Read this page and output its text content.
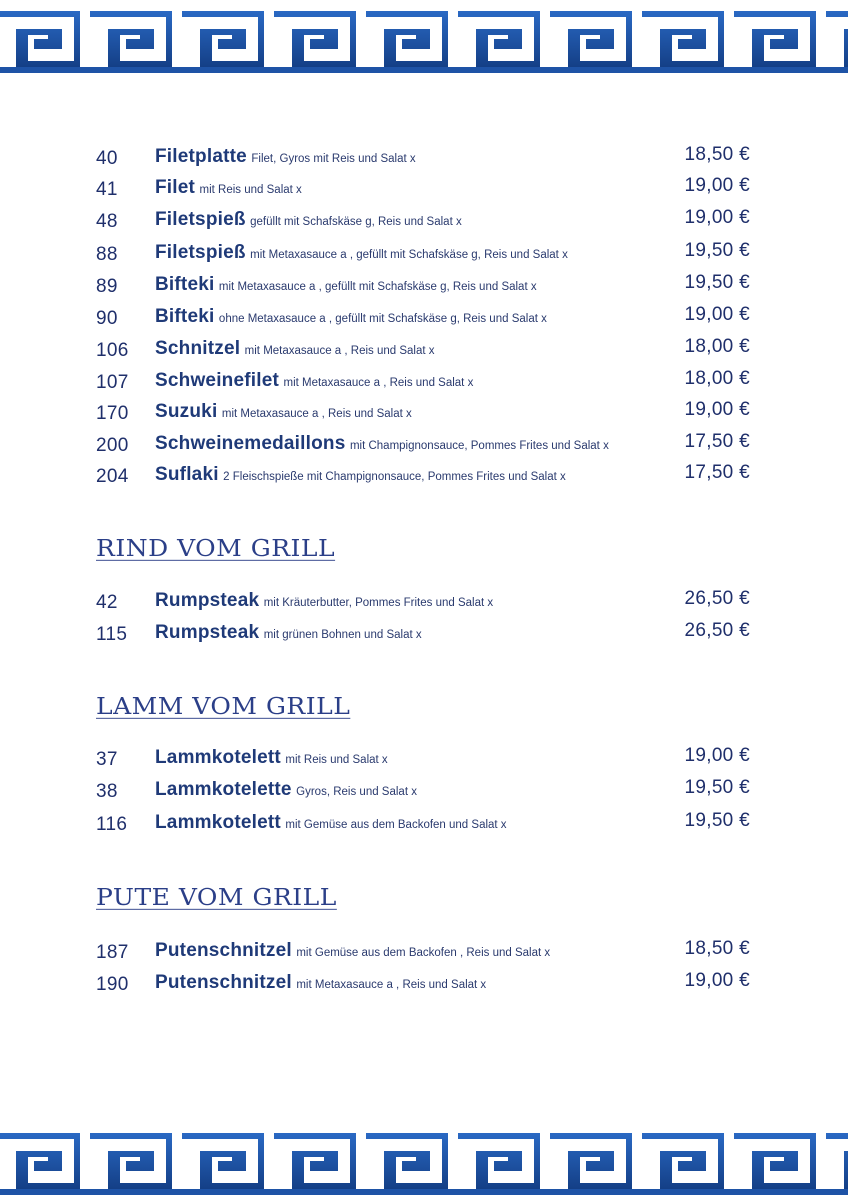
40 Filetplatte Filet, Gyros mit Reis und Salat x	18,50 €
41 Filet mit Reis und Salat x	19,00 €
48 Filetspieß gefüllt mit Schafskäse g, Reis und Salat x	19,00 €
88 Filetspieß mit Metaxasauce a , gefüllt mit Schafskäse g, Reis und Salat x	19,50 €
89 Bifteki mit Metaxasauce a , gefüllt mit Schafskäse g, Reis und Salat x	19,50 €
90 Bifteki ohne Metaxasauce a , gefüllt mit Schafskäse g, Reis und Salat x	19,00 €
106 Schnitzel mit Metaxasauce a , Reis und Salat x	18,00 €
107 Schweinefilet mit Metaxasauce a , Reis und Salat x	18,00 €
170 Suzuki mit Metaxasauce a , Reis und Salat x	19,00 €
200 Schweinemedaillons mit Champignonsauce, Pommes Frites und Salat x	17,50 €
204 Suflaki 2 Fleischspieße mit Champignonsauce, Pommes Frites und Salat x	17,50 €
RIND VOM GRILL
42 Rumpsteak mit Kräuterbutter, Pommes Frites und Salat x	26,50 €
115 Rumpsteak mit grünen Bohnen und Salat x	26,50 €
LAMM VOM GRILL
37 Lammkotelett mit Reis und Salat x	19,00 €
38 Lammkotelette Gyros, Reis und Salat x	19,50 €
116 Lammkotelett mit Gemüse aus dem Backofen und Salat x	19,50 €
PUTE VOM GRILL
187 Putenschnitzel mit Gemüse aus dem Backofen , Reis und Salat x	18,50 €
190 Putenschnitzel mit Metaxasauce a , Reis und Salat x	19,00 €
